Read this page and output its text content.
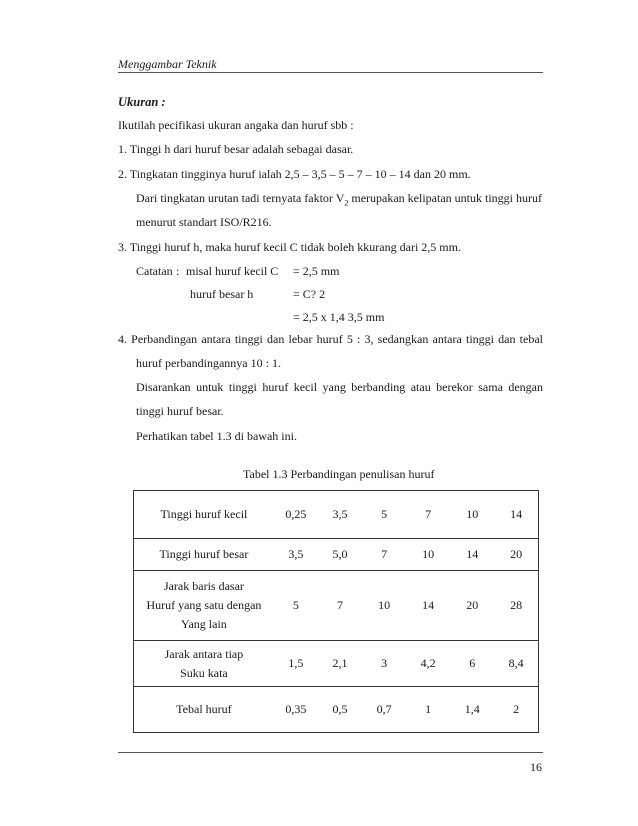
Menggambar Teknik
Ukuran :
Ikutilah pecifikasi ukuran angaka dan huruf sbb :
1. Tinggi h dari huruf besar adalah sebagai dasar.
2. Tingkatan tingginya huruf ialah 2,5 – 3,5 – 5 – 7 – 10 – 14 dan 20 mm.
Dari tingkatan urutan tadi ternyata faktor $V_2$ merupakan kelipatan untuk tinggi huruf
menurut standart ISO/R216.
3. Tinggi huruf h, maka huruf kecil C tidak boleh kkurang dari 2,5 mm.
Catatan : misal huruf kecil C = 2,5 mm
huruf besar h	= C? 2
= 2,5 x 1,4 3,5 mm
4. Perbandingan antara tinggi dan lebar huruf 5 : 3, sedangkan antara tinggi dan tebal
huruf perbandingannya 10 : 1.
Disarankan untuk tinggi huruf kecil yang berbanding atau berekor sama dengan
tinggi huruf besar.
Perhatikan tabel 1.3 di bawah ini.
Tabel 1.3 Perbandingan penulisan huruf
Tinggi huruf kecil	0,25	3,5	5	7	10	14

Tinggi huruf besar	3,5	5,0	7	10	14	20

Jarak baris dasar
Huruf yang satu dengan
Yang lain	5	7	10	14	20	28

Jarak antara tiap
Suku kata	1,5	2,1	3	4,2	6	8,4

Tebal huruf	0,35	0,5	0,7	1	1,4	2
16
